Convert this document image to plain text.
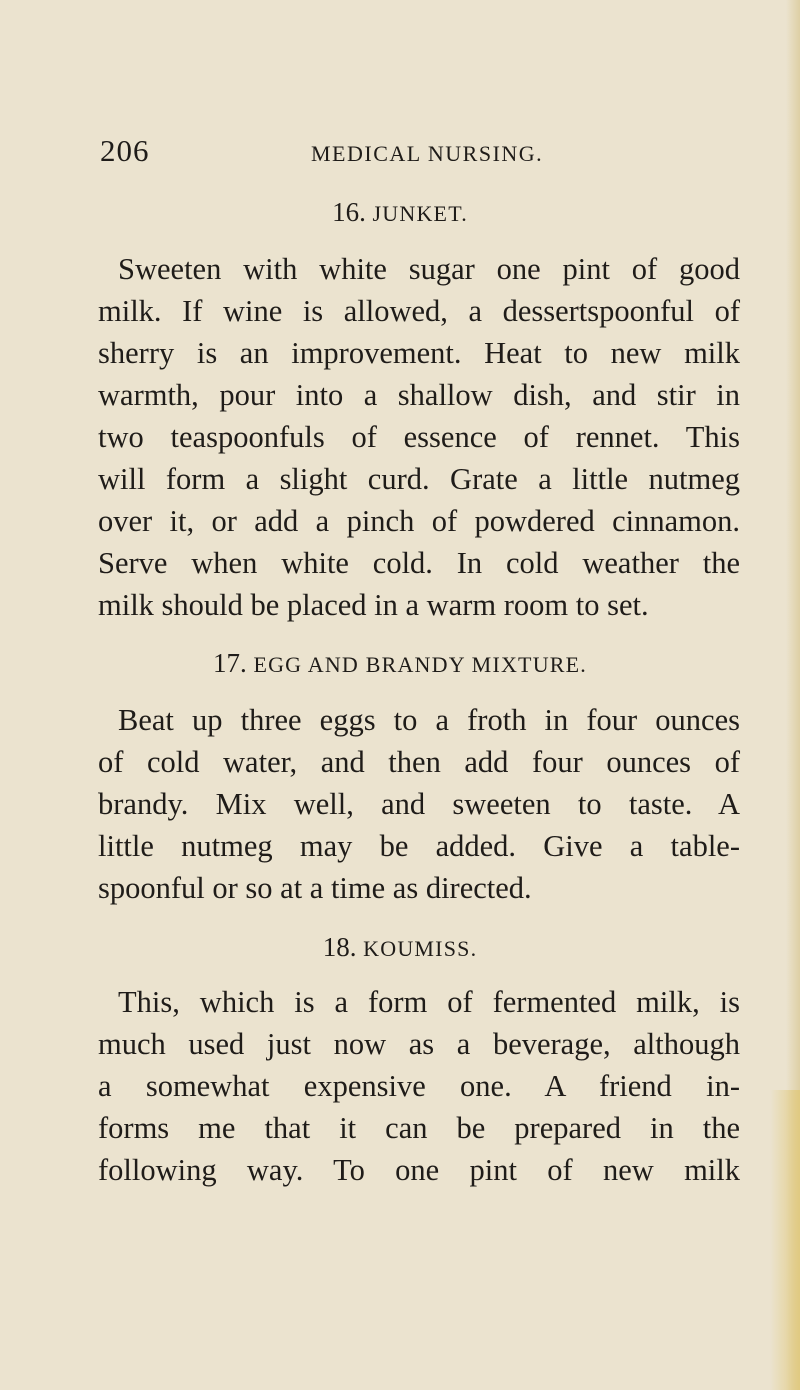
206	MEDICAL NURSING.
16. JUNKET.
Sweeten with white sugar one pint of good
milk. If wine is allowed, a dessertspoonful of
sherry is an improvement. Heat to new milk
warmth, pour into a shallow dish, and stir in
two teaspoonfuls of essence of rennet. This
will form a slight curd. Grate a little nutmeg
over it, or add a pinch of powdered cinnamon.
Serve when white cold. In cold weather the
milk should be placed in a warm room to set.
17. EGG AND BRANDY MIXTURE.
Beat up three eggs to a froth in four ounces
of cold water, and then add four ounces of
brandy. Mix well, and sweeten to taste. A
little nutmeg may be added. Give a table-
spoonful or so at a time as directed.
18. KOUMISS.
This, which is a form of fermented milk, is
much used just now as a beverage, although
a somewhat expensive one. A friend in-
forms me that it can be prepared in the
following way. To one pint of new milk
